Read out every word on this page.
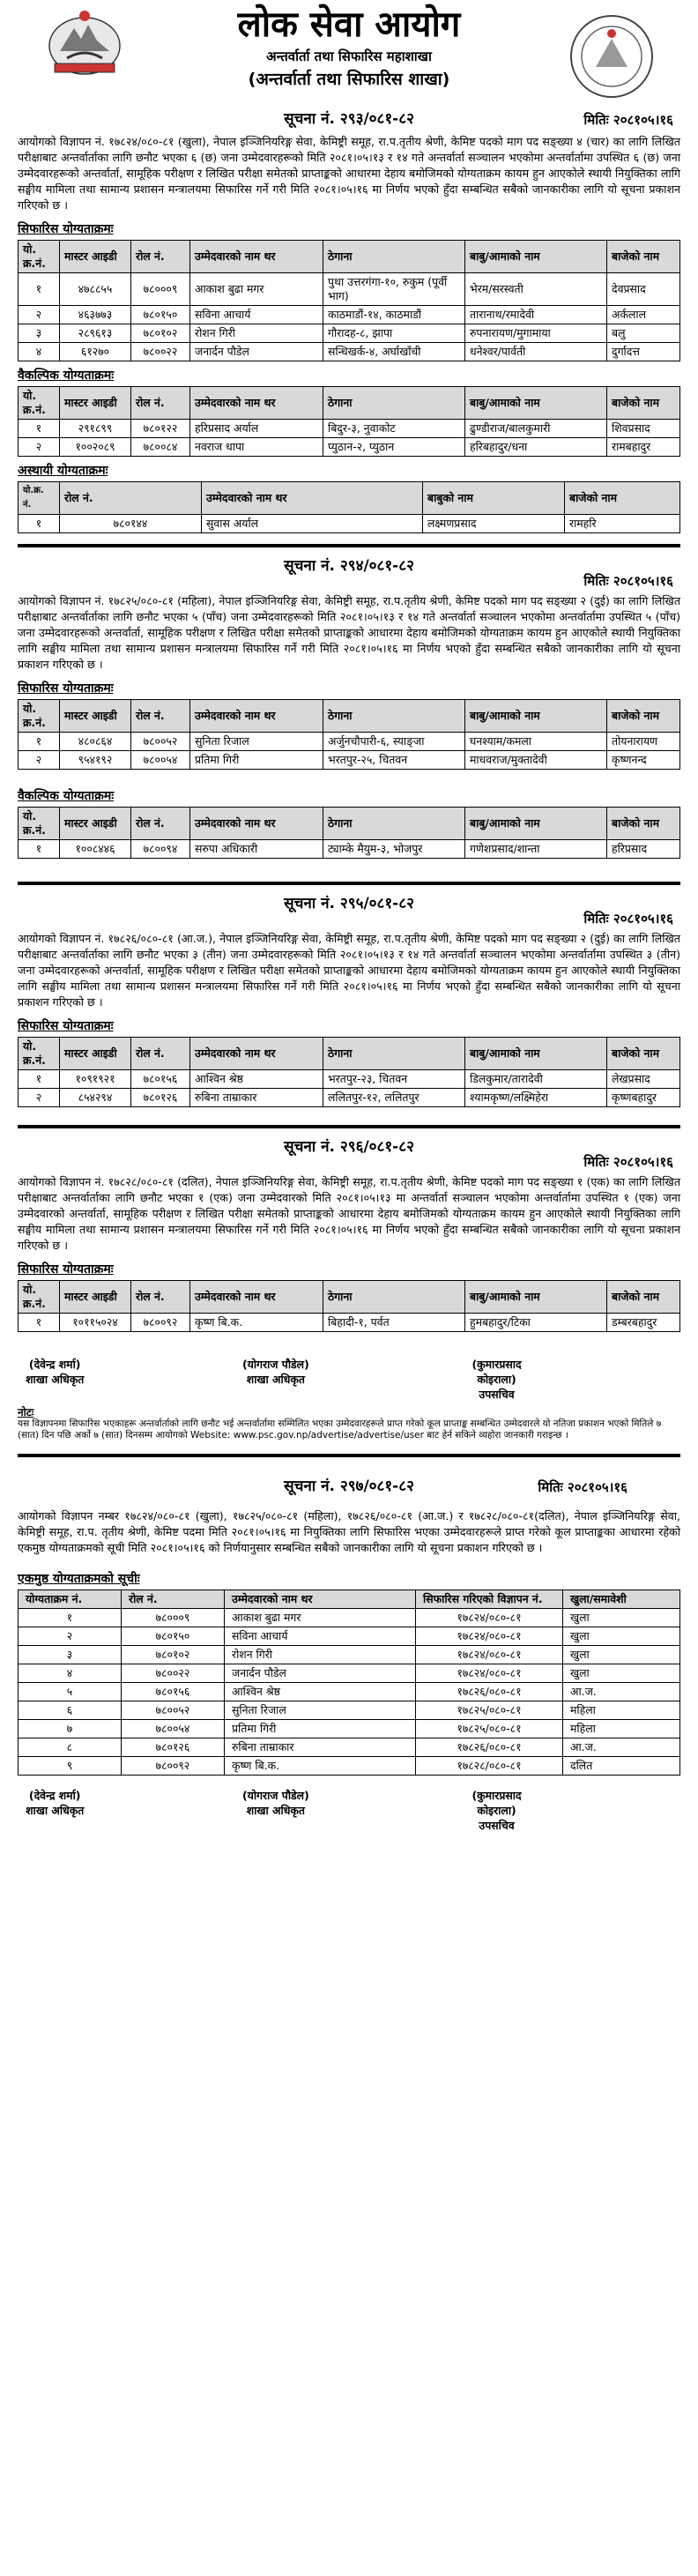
लोक सेवा आयोग
अन्तर्वार्ता तथा सिफारिस महाशाखा
(अन्तर्वार्ता तथा सिफारिस शाखा)
सूचना नं. २९३/०८१-८२	मितिः २०८१०५।१६
आयोगको विज्ञापन नं. १७८२४/०८०-८१ (खुला), नेपाल इञ्जिनियरिङ्ग सेवा, केमिष्ट्री समूह, रा.प.तृतीय श्रेणी, केमिष्ट पदको माग पद सङ्ख्या ४ (चार) का लागि लिखित परीक्षाबाट अन्तर्वार्ताका लागि छनौट भएका ६ (छ) जना उम्मेदवारहरूको मिति २०८१।०५।१३ र १४ गते अन्तर्वार्ता सञ्चालन भएकोमा अन्तर्वार्तामा उपस्थित ६ (छ) जना उम्मेदवारहरूको अन्तर्वार्ता, सामूहिक परीक्षण र लिखित परीक्षा समेतको प्राप्ताङ्कको आधारमा देहाय बमोजिमको योग्यताक्रम कायम हुन आएकोले स्थायी नियुक्तिका लागि सङ्घीय मामिला तथा सामान्य प्रशासन मन्त्रालयमा सिफारिस गर्ने गरी मिति २०८१।०५।१६ मा निर्णय भएको हुँदा सम्बन्धित सबैको जानकारीका लागि यो सूचना प्रकाशन गरिएको छ ।
सिफारिस योग्यताक्रमः
यो. क्र.नं.	मास्टर आइडी	रोल नं.	उम्मेदवारको नाम थर	ठेगाना	बाबु/आमाको नाम	बाजेको नाम
१	४७८८५५	७८०००९	आकाश बुढा मगर	पुथा उत्तरगंगा-१०, रुकुम (पूर्वी भाग)	भेरम/सरस्वती	देवप्रसाद
२	४६३७७३	७८०१५०	सविना आचार्य	काठमाडौं-१४, काठमाडौं	तारानाथ/रमादेवी	अर्कलाल
३	२८९६१३	७८०१०२	रोशन गिरी	गौरादह-८, झापा	रुपनारायण/मुगामाया	बलु
४	६१२७०	७८००२२	जनार्दन पौडेल	सन्धिखर्क-४, अर्घाखाँची	धनेश्वर/पार्वती	दुर्गादत्त
वैकल्पिक योग्यताक्रमः
यो. क्र.नं.	मास्टर आइडी	रोल नं.	उम्मेदवारको नाम थर	ठेगाना	बाबु/आमाको नाम	बाजेको नाम
१	२९१८९९	७८०१२२	हरिप्रसाद अर्याल	बिदुर-३, नुवाकोट	ढुण्डीराज/बालकुमारी	शिवप्रसाद
२	१००२०८९	७८००८४	नवराज धापा	प्युठान-२, प्युठान	हरिबहादुर/धना	रामबहादुर
अस्थायी योग्यताक्रमः
यो.क्र. नं.	रोल नं.	उम्मेदवारको नाम थर	बाबुको नाम	बाजेको नाम
१	७८०१४४	सुवास अर्याल	लक्ष्मणप्रसाद	रामहरि
सूचना नं. २९४/०८१-८२
मितिः २०८१०५।१६
आयोगको विज्ञापन नं. १७८२५/०८०-८१ (महिला), नेपाल इञ्जिनियरिङ्ग सेवा, केमिष्ट्री समूह, रा.प.तृतीय श्रेणी, केमिष्ट पदको माग पद सङ्ख्या २ (दुई) का लागि लिखित परीक्षाबाट अन्तर्वार्ताका लागि छनौट भएका ५ (पाँच) जना उम्मेदवारहरूको मिति २०८१।०५।१३ र १४ गते अन्तर्वार्ता सञ्चालन भएकोमा अन्तर्वार्तामा उपस्थित ५ (पाँच) जना उम्मेदवारहरूको अन्तर्वार्ता, सामूहिक परीक्षण र लिखित परीक्षा समेतको प्राप्ताङ्कको आधारमा देहाय बमोजिमको योग्यताक्रम कायम हुन आएकोले स्थायी नियुक्तिका लागि सङ्घीय मामिला तथा सामान्य प्रशासन मन्त्रालयमा सिफारिस गर्ने गरी मिति २०८१।०५।१६ मा निर्णय भएको हुँदा सम्बन्धित सबैको जानकारीका लागि यो सूचना प्रकाशन गरिएको छ ।
सिफारिस योग्यताक्रमः
यो. क्र.नं.	मास्टर आइडी	रोल नं.	उम्मेदवारको नाम थर	ठेगाना	बाबु/आमाको नाम	बाजेको नाम
१	४८०८६४	७८००५२	सुनिता रिजाल	अर्जुनचौपारी-६, स्याङ्जा	घनश्याम/कमला	तोयनारायण
२	९५४१९२	७८००५४	प्रतिमा गिरी	भरतपुर-२५, चितवन	माधवराज/मुक्तादेवी	कृष्णनन्द
वैकल्पिक योग्यताक्रमः
यो. क्र.नं.	मास्टर आइडी	रोल नं.	उम्मेदवारको नाम थर	ठेगाना	बाबु/आमाको नाम	बाजेको नाम
१	१००८४४६	७८००९४	सरुपा अधिकारी	ट्याम्के मैयुम-३, भोजपुर	गणेशप्रसाद/शान्ता	हरिप्रसाद
सूचना नं. २९५/०८१-८२
मितिः २०८१०५।१६
आयोगको विज्ञापन नं. १७८२६/०८०-८१ (आ.ज.), नेपाल इञ्जिनियरिङ्ग सेवा, केमिष्ट्री समूह, रा.प.तृतीय श्रेणी, केमिष्ट पदको माग पद सङ्ख्या २ (दुई) का लागि लिखित परीक्षाबाट अन्तर्वार्ताका लागि छनौट भएका ३ (तीन) जना उम्मेदवारहरूको मिति २०८१।०५।१३ र १४ गते अन्तर्वार्ता सञ्चालन भएकोमा अन्तर्वार्तामा उपस्थित ३ (तीन) जना उम्मेदवारहरूको अन्तर्वार्ता, सामूहिक परीक्षण र लिखित परीक्षा समेतको प्राप्ताङ्कको आधारमा देहाय बमोजिमको योग्यताक्रम कायम हुन आएकोले स्थायी नियुक्तिका लागि सङ्घीय मामिला तथा सामान्य प्रशासन मन्त्रालयमा सिफारिस गर्ने गरी मिति २०८१।०५।१६ मा निर्णय भएको हुँदा सम्बन्धित सबैको जानकारीका लागि यो सूचना प्रकाशन गरिएको छ ।
सिफारिस योग्यताक्रमः
यो. क्र.नं.	मास्टर आइडी	रोल नं.	उम्मेदवारको नाम थर	ठेगाना	बाबु/आमाको नाम	बाजेको नाम
१	१०९१९२१	७८०१५६	आश्विन श्रेष्ठ	भरतपुर-२३, चितवन	डिलकुमार/तारादेवी	लेखप्रसाद
२	८५४२९४	७८०१२६	रुबिना ताम्राकार	ललितपुर-१२, ललितपुर	श्यामकृष्ण/लक्ष्मिहेरा	कृष्णबहादुर
सूचना नं. २९६/०८१-८२
मितिः २०८१०५।१६
आयोगको विज्ञापन नं. १७८२८/०८०-८१ (दलित), नेपाल इञ्जिनियरिङ्ग सेवा, केमिष्ट्री समूह, रा.प.तृतीय श्रेणी, केमिष्ट पदको माग पद सङ्ख्या १ (एक) का लागि लिखित परीक्षाबाट अन्तर्वार्ताका लागि छनौट भएका १ (एक) जना उम्मेदवारको मिति २०८१।०५।१३ मा अन्तर्वार्ता सञ्चालन भएकोमा अन्तर्वार्तामा उपस्थित १ (एक) जना उम्मेदवारको अन्तर्वार्ता, सामूहिक परीक्षण र लिखित परीक्षा समेतको प्राप्ताङ्कको आधारमा देहाय बमोजिमको योग्यताक्रम कायम हुन आएकोले स्थायी नियुक्तिका लागि सङ्घीय मामिला तथा सामान्य प्रशासन मन्त्रालयमा सिफारिस गर्ने गरी मिति २०८१।०५।१६ मा निर्णय भएको हुँदा सम्बन्धित सबैको जानकारीका लागि यो सूचना प्रकाशन गरिएको छ ।
सिफारिस योग्यताक्रमः
यो. क्र.नं.	मास्टर आइडी	रोल नं.	उम्मेदवारको नाम थर	ठेगाना	बाबु/आमाको नाम	बाजेको नाम
१	१०११५०२४	७८००९२	कृष्ण बि.क.	बिहादी-१, पर्वत	हुमबहादुर/टिका	डम्बरबहादुर
(देवेन्द्र शर्मा)
शाखा अधिकृत
(योगराज पौडेल)
शाखा अधिकृत
(कुमारप्रसाद कोइराला)
उपसचिव
नोटः
यस विज्ञापनमा सिफारिस भएकाहरू अन्तर्वार्ताको लागि छनौट भई अन्तर्वार्तामा सम्मिलित भएका उम्मेदवारहरूले प्राप्त गरेको कूल प्राप्ताङ्क सम्बन्धित उम्मेदवारले यो नतिजा प्रकाशन भएको मितिले ७ (सात) दिन पछि अर्को ७ (सात) दिनसम्म आयोगको Website: www.psc.gov.np/advertise/advertise/user बाट हेर्न सकिने व्यहोरा जानकारी गराइन्छ ।
सूचना नं. २९७/०८१-८२	मितिः २०८१०५।१६
आयोगको विज्ञापन नम्बर १७८२४/०८०-८१ (खुला), १७८२५/०८०-८१ (महिला), १७८२६/०८०-८१ (आ.ज.) र १७८२८/०८०-८१(दलित), नेपाल इञ्जिनियरिङ्ग सेवा, केमिष्ट्री समूह, रा.प. तृतीय श्रेणी, केमिष्ट पदमा मिति २०८१।०५।१६ मा नियुक्तिका लागि सिफारिस भएका उम्मेदवारहरूले प्राप्त गरेको कूल प्राप्ताङ्कका आधारमा रहेको एकमुष्ठ योग्यताक्रमको सूची मिति २०८१।०५।१६ को निर्णयानुसार सम्बन्धित सबैको जानकारीका लागि यो सूचना प्रकाशन गरिएको छ ।
एकमुष्ठ योग्यताक्रमको सूचीः
योग्यताक्रम नं.	रोल नं.	उम्मेदवारको नाम थर	सिफारिस गरिएको विज्ञापन नं.	खुला/समावेशी
१	७८०००९	आकाश बुढा मगर	१७८२४/०८०-८१	खुला
२	७८०१५०	सविना आचार्य	१७८२४/०८०-८१	खुला
३	७८०१०२	रोशन गिरी	१७८२४/०८०-८१	खुला
४	७८००२२	जनार्दन पौडेल	१७८२४/०८०-८१	खुला
५	७८०१५६	आश्विन श्रेष्ठ	१७८२६/०८०-८१	आ.ज.
६	७८००५२	सुनिता रिजाल	१७८२५/०८०-८१	महिला
७	७८००५४	प्रतिमा गिरी	१७८२५/०८०-८१	महिला
८	७८०१२६	रुबिना ताम्राकार	१७८२६/०८०-८१	आ.ज.
९	७८००९२	कृष्ण बि.क.	१७८२८/०८०-८१	दलित
(देवेन्द्र शर्मा)
शाखा अधिकृत
(योगराज पौडेल)
शाखा अधिकृत
(कुमारप्रसाद कोइराला)
उपसचिव
